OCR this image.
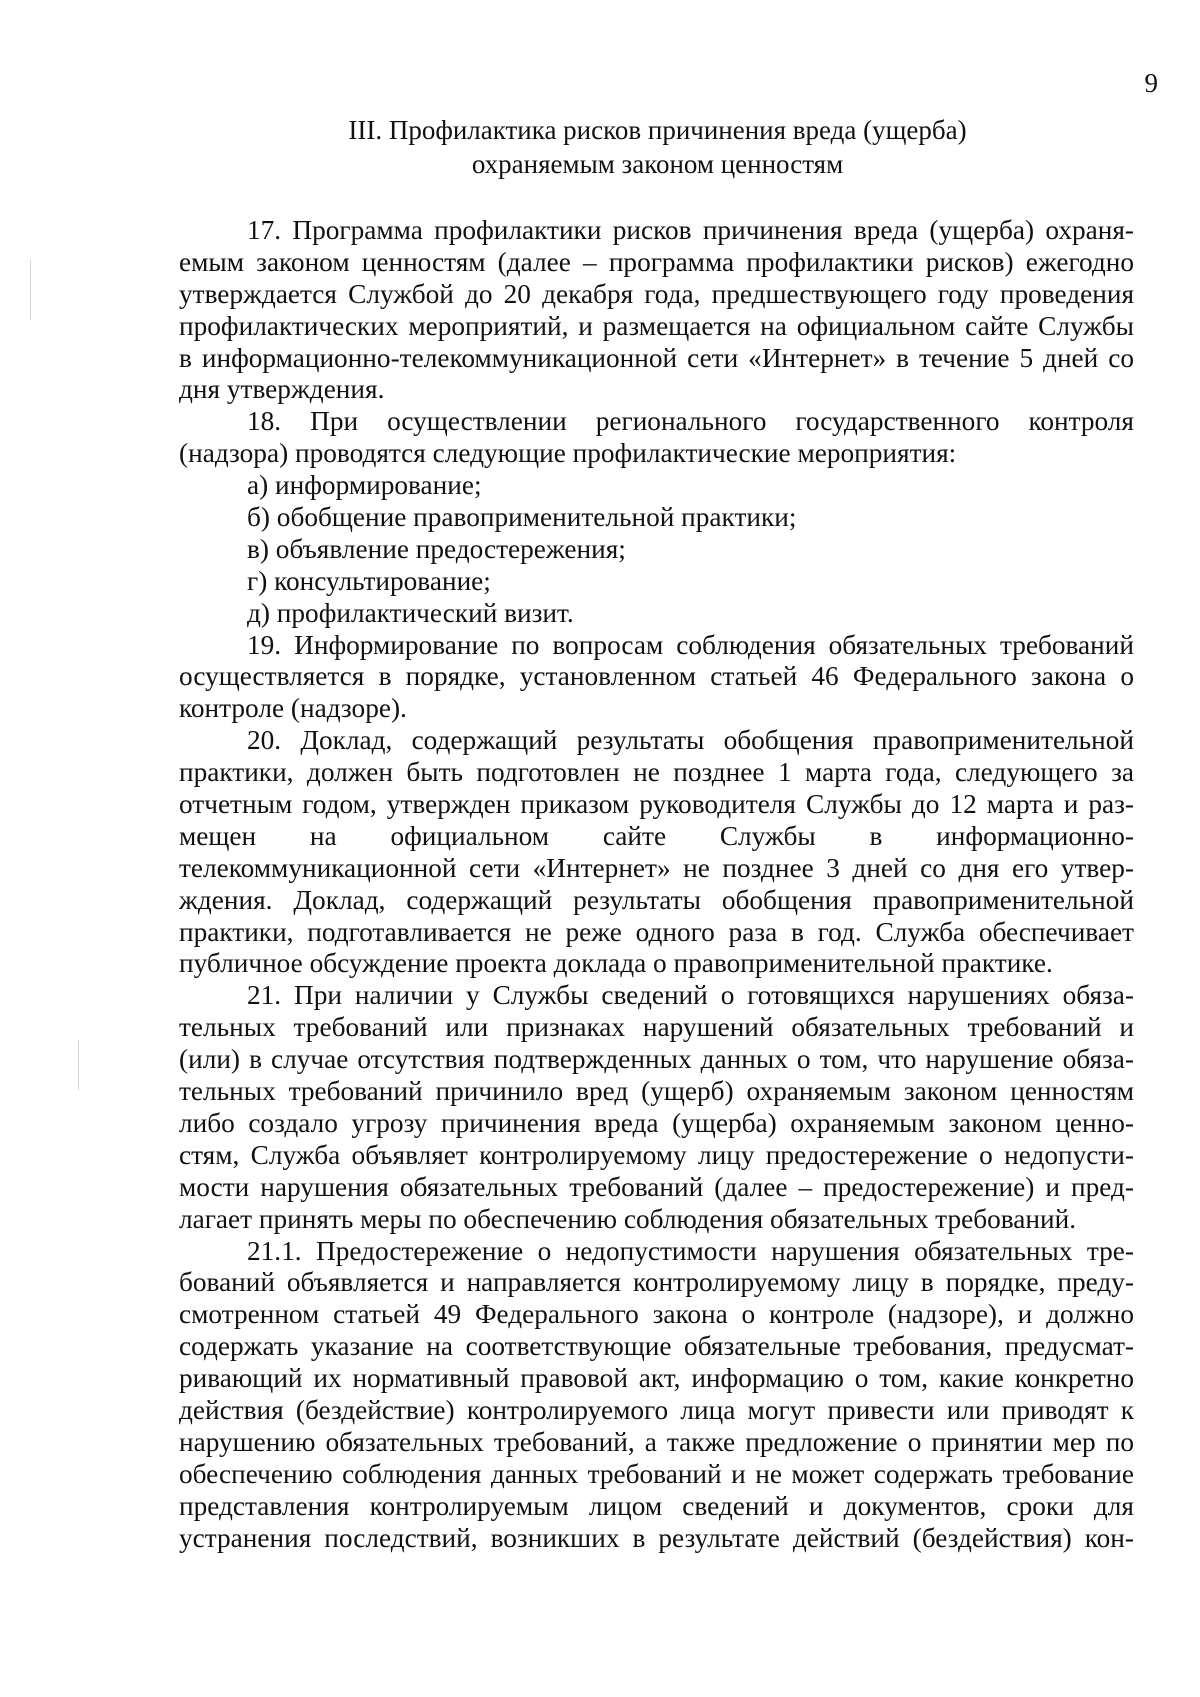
9
III. Профилактика рисков причинения вреда (ущерба)
охраняемым законом ценностям
17. Программа профилактики рисков причинения вреда (ущерба) охраня-
емым законом ценностям (далее – программа профилактики рисков) ежегодно
утверждается Службой до 20 декабря года, предшествующего году проведения
профилактических мероприятий, и размещается на официальном сайте Службы
в информационно-телекоммуникационной сети «Интернет» в течение 5 дней со
дня утверждения.
18. При осуществлении регионального государственного контроля
(надзора) проводятся следующие профилактические мероприятия:
а) информирование;
б) обобщение правоприменительной практики;
в) объявление предостережения;
г) консультирование;
д) профилактический визит.
19. Информирование по вопросам соблюдения обязательных требований
осуществляется в порядке, установленном статьей 46 Федерального закона о
контроле (надзоре).
20. Доклад, содержащий результаты обобщения правоприменительной
практики, должен быть подготовлен не позднее 1 марта года, следующего за
отчетным годом, утвержден приказом руководителя Службы до 12 марта и раз-
мещен на официальном сайте Службы в информационно-
телекоммуникационной сети «Интернет» не позднее 3 дней со дня его утвер-
ждения. Доклад, содержащий результаты обобщения правоприменительной
практики, подготавливается не реже одного раза в год. Служба обеспечивает
публичное обсуждение проекта доклада о правоприменительной практике.
21. При наличии у Службы сведений о готовящихся нарушениях обяза-
тельных требований или признаках нарушений обязательных требований и
(или) в случае отсутствия подтвержденных данных о том, что нарушение обяза-
тельных требований причинило вред (ущерб) охраняемым законом ценностям
либо создало угрозу причинения вреда (ущерба) охраняемым законом ценно-
стям, Служба объявляет контролируемому лицу предостережение о недопусти-
мости нарушения обязательных требований (далее – предостережение) и пред-
лагает принять меры по обеспечению соблюдения обязательных требований.
21.1. Предостережение о недопустимости нарушения обязательных тре-
бований объявляется и направляется контролируемому лицу в порядке, преду-
смотренном статьей 49 Федерального закона о контроле (надзоре), и должно
содержать указание на соответствующие обязательные требования, предусмат-
ривающий их нормативный правовой акт, информацию о том, какие конкретно
действия (бездействие) контролируемого лица могут привести или приводят к
нарушению обязательных требований, а также предложение о принятии мер по
обеспечению соблюдения данных требований и не может содержать требование
представления контролируемым лицом сведений и документов, сроки для
устранения последствий, возникших в результате действий (бездействия) кон-
